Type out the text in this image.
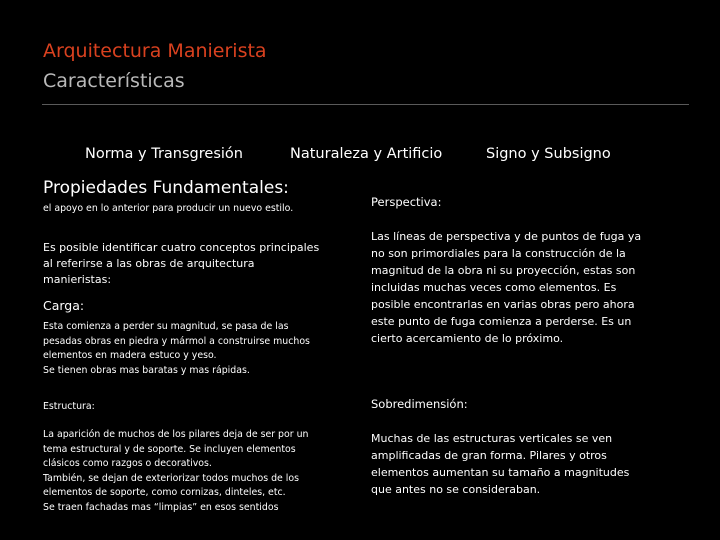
Arquitectura Manierista
Características
Norma y Transgresión	Naturaleza y Artificio	Signo y Subsigno
Propiedades Fundamentales:
el apoyo en lo anterior para producir un nuevo estilo.
Es posible identificar cuatro conceptos principales
al referirse a las obras de arquitectura
manieristas:
Carga:
Esta comienza a perder su magnitud, se pasa de las
pesadas obras en piedra y mármol a construirse muchos
elementos en madera estuco y yeso.
Se tienen obras mas baratas y mas rápidas.
Estructura:
La aparición de muchos de los pilares deja de ser por un
tema estructural y de soporte. Se incluyen elementos
clásicos como razgos o decorativos.
También, se dejan de exteriorizar todos muchos de los
elementos de soporte, como cornizas, dinteles, etc.
Se traen fachadas mas “limpias” en esos sentidos
Perspectiva:
Las líneas de perspectiva y de puntos de fuga ya
no son primordiales para la construcción de la
magnitud de la obra ni su proyección, estas son
incluidas muchas veces como elementos. Es
posible encontrarlas en varias obras pero ahora
este punto de fuga comienza a perderse. Es un
cierto acercamiento de lo próximo.
Sobredimensión:
Muchas de las estructuras verticales se ven
amplificadas de gran forma. Pilares y otros
elementos aumentan su tamaño a magnitudes
que antes no se consideraban.
